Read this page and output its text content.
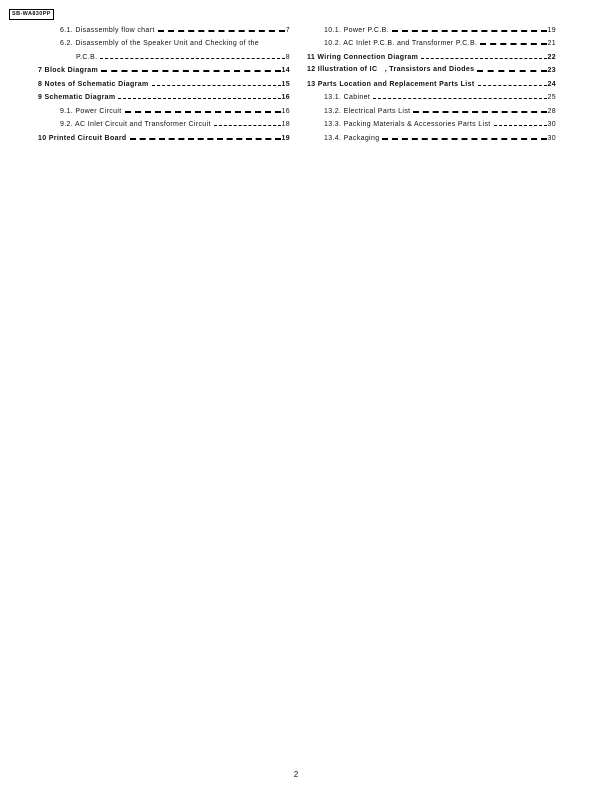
SB-WA830PP
6.1. Disassembly flow chart	7
6.2. Disassembly of the Speaker Unit and Checking of the
P.C.B.	8
7 Block Diagram	14
8 Notes of Schematic Diagram	15
9 Schematic Diagram	16
9.1. Power Circuit	16
9.2. AC Inlet Circuit and Transformer Circuit	18
10 Printed Circuit Board	19
10.1. Power P.C.B.	19
10.2. AC Inlet P.C.B. and Transformer P.C.B.	21
11 Wiring Connection Diagram	22
12 Illustration of IC　, Transistors and Diodes	23
13 Parts Location and Replacement Parts List	24
13.1. Cabinet	25
13.2. Electrical Parts List	28
13.3. Packing Materials & Accessories Parts List	30
13.4. Packaging	30
2
